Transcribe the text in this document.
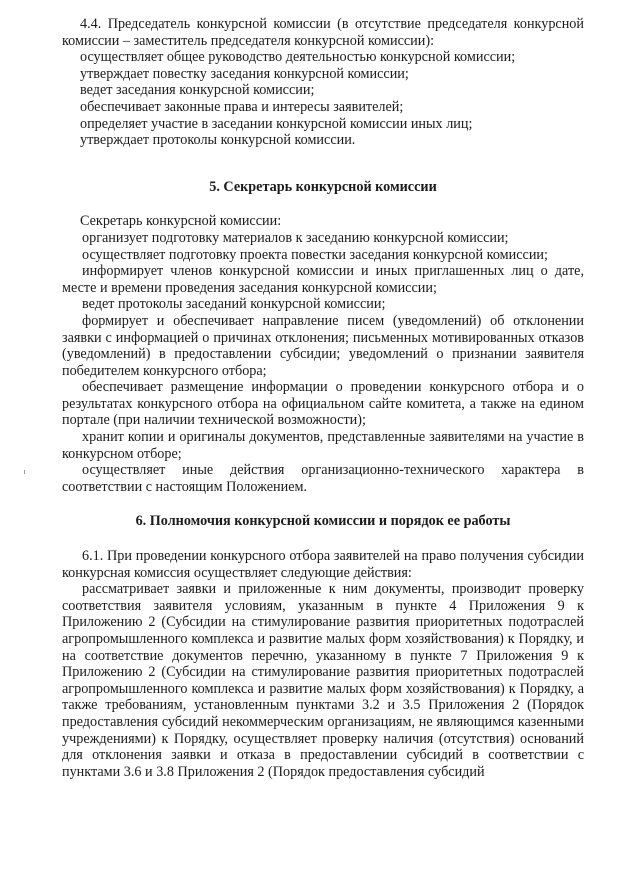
4.4. Председатель конкурсной комиссии (в отсутствие председателя конкурсной комиссии – заместитель председателя конкурсной комиссии):

осуществляет общее руководство деятельностью конкурсной комиссии;

утверждает повестку заседания конкурсной комиссии;

ведет заседания конкурсной комиссии;

обеспечивает законные права и интересы заявителей;

определяет участие в заседании конкурсной комиссии иных лиц;

утверждает протоколы конкурсной комиссии.

5. Секретарь конкурсной комиссии

Секретарь конкурсной комиссии:

организует подготовку материалов к заседанию конкурсной комиссии;

осуществляет подготовку проекта повестки заседания конкурсной комиссии;

информирует членов конкурсной комиссии и иных приглашенных лиц о дате, месте и времени проведения заседания конкурсной комиссии;

ведет протоколы заседаний конкурсной комиссии;

формирует и обеспечивает направление писем (уведомлений) об отклонении заявки с информацией о причинах отклонения; письменных мотивированных отказов (уведомлений) в предоставлении субсидии; уведомлений о признании заявителя победителем конкурсного отбора;

обеспечивает размещение информации о проведении конкурсного отбора и о результатах конкурсного отбора на официальном сайте комитета, а также на едином портале (при наличии технической возможности);

хранит копии и оригиналы документов, представленные заявителями на участие в конкурсном отборе;

осуществляет иные действия организационно-технического характера в соответствии с настоящим Положением.

6. Полномочия конкурсной комиссии и порядок ее работы

6.1. При проведении конкурсного отбора заявителей на право получения субсидии конкурсная комиссия осуществляет следующие действия:

рассматривает заявки и приложенные к ним документы, производит проверку соответствия заявителя условиям, указанным в пункте 4 Приложения 9 к Приложению 2 (Субсидии на стимулирование развития приоритетных подотраслей агропромышленного комплекса и развитие малых форм хозяйствования) к Порядку, и на соответствие документов перечню, указанному в пункте 7 Приложения 9 к Приложению 2 (Субсидии на стимулирование развития приоритетных подотраслей агропромышленного комплекса и развитие малых форм хозяйствования) к Порядку, а также требованиям, установленным пунктами 3.2 и 3.5 Приложения 2 (Порядок предоставления субсидий некоммерческим организациям, не являющимся казенными учреждениями) к Порядку, осуществляет проверку наличия (отсутствия) оснований для отклонения заявки и отказа в предоставлении субсидий в соответствии с пунктами 3.6 и 3.8 Приложения 2 (Порядок предоставления субсидий
